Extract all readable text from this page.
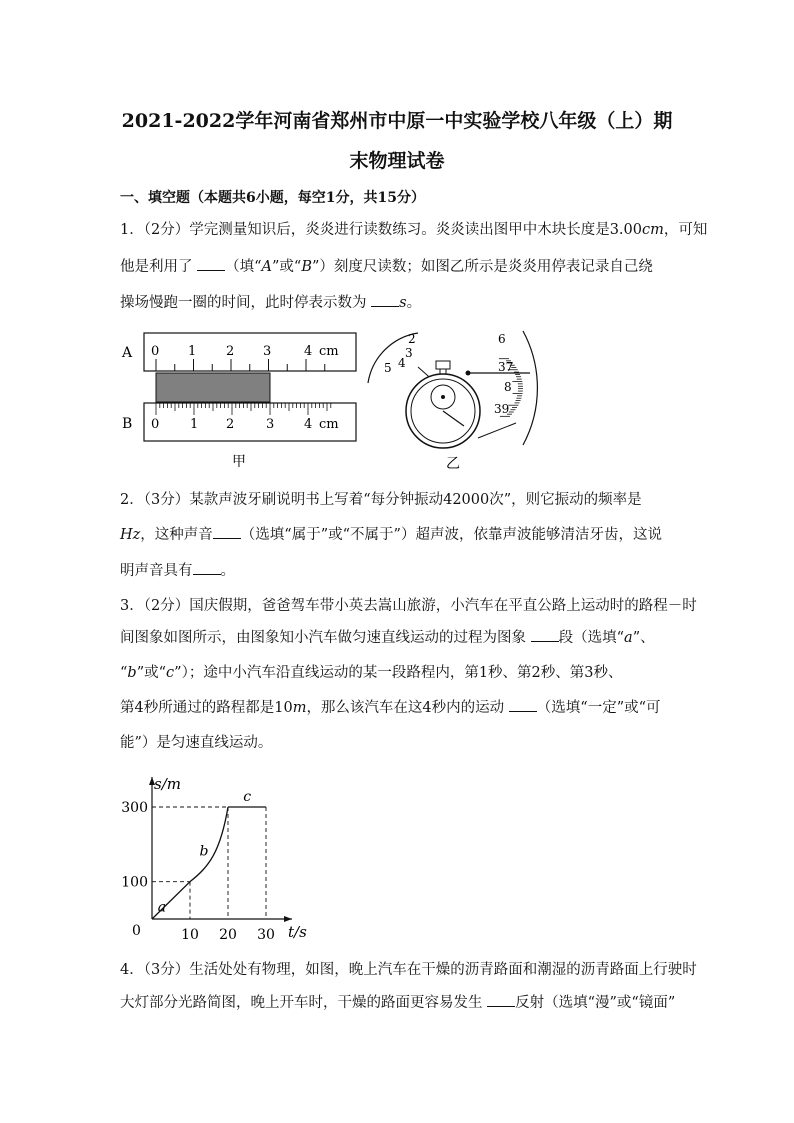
2021-2022学年河南省郑州市中原一中实验学校八年级（上）期
末物理试卷
一、填空题（本题共6小题，每空1分，共15分）
1．（2分）学完测量知识后，炎炎进行读数练习。炎炎读出图甲中木块长度是3.00cm，可知
他是利用了 （填“A”或“B”）刻度尺读数；如图乙所示是炎炎用停表记录自己绕
操场慢跑一圈的时间，此时停表示数为 s。
A 0 1 2 3	4 cm
B 0 1 2 3 4 cm
甲
2
3
4
5
6
37
8
39
乙
2．（3分）某款声波牙刷说明书上写着“每分钟振动42000次”，则它振动的频率是
Hz，这种声音 （选填“属于”或“不属于”）超声波，依靠声波能够清洁牙齿，这说
明声音具有 。
3．（2分）国庆假期，爸爸驾车带小英去嵩山旅游，小汽车在平直公路上运动时的路程－时
间图象如图所示，由图象知小汽车做匀速直线运动的过程为图象 段（选填“a”、
“b”或“c”）；途中小汽车沿直线运动的某一段路程内，第1秒、第2秒、第3秒、
第4秒所通过的路程都是10m，那么该汽车在这4秒内的运动 （选填“一定”或“可
能”）是匀速直线运动。
s/m
t/s
0
100
300
10 20 30
a
b
c
4．（3分）生活处处有物理，如图，晚上汽车在干燥的沥青路面和潮湿的沥青路面上行驶时
大灯部分光路简图，晚上开车时，干燥的路面更容易发生 反射（选填“漫”或“镜面”
